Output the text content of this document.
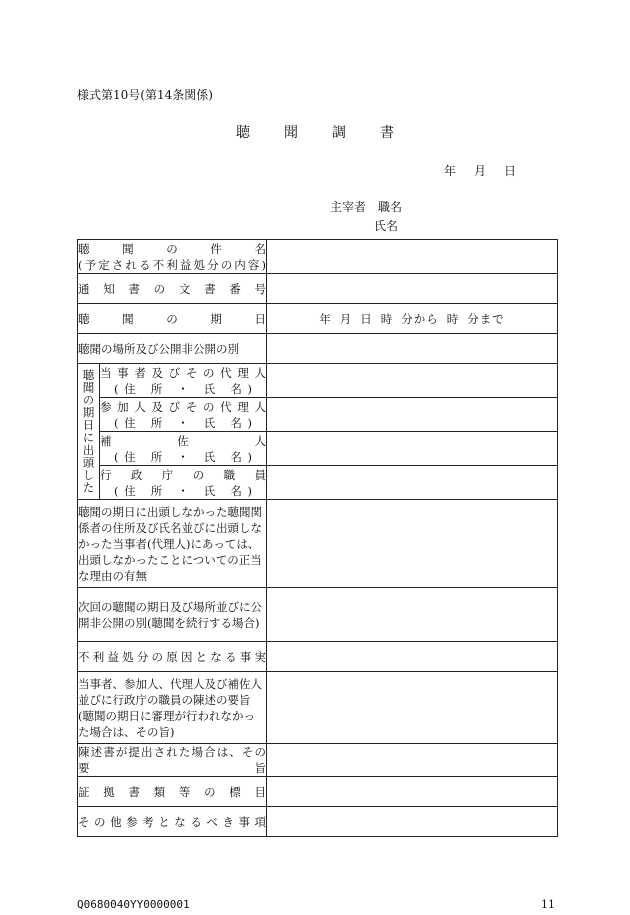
様式第10号(第14条関係)
聴 聞 調 書
年 月 日
主宰者　職名
氏名
聴 聞 の 件 名
(予定される不利益処分の内容)		

通 知 書 の 文 書 番 号		

聴 聞 の 期 日		年 月 日 時 分から 時 分まで
聴聞の場所及び公開非公開の別		

聴聞の期日に出頭した	当事者及びその代理人
(住 所 ・ 氏 名)	

	参加人及びその代理人
(住 所 ・ 氏 名)	

	補 佐 人
(住 所 ・ 氏 名)	

	行 政 庁 の 職 員
(住 所 ・ 氏 名)	

聴聞の期日に出頭しなかった聴聞関係者の住所及び氏名並びに出頭しなかった当事者(代理人)にあっては、出頭しなかったことについての正当な理由の有無		
次回の聴聞の期日及び場所並びに公開非公開の別(聴聞を続行する場合)		

不利益処分の原因となる事実		

当事者、参加人、代理人及び補佐人並びに行政庁の職員の陳述の要旨(聴聞の期日に審理が行われなかった場合は、その旨)		

陳述書が提出された場合は、その
要 旨		

証 拠 書 類 等 の 標 目		

その他参考となるべき事項		

Q0680040YY0000001	11
